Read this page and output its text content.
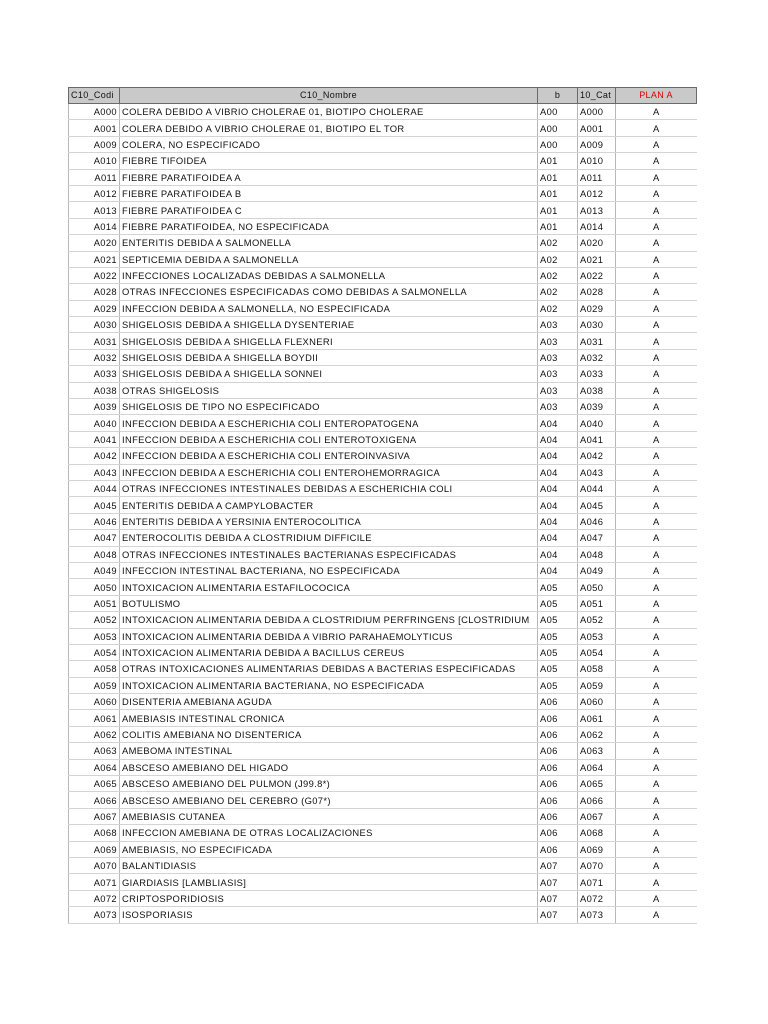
C10_Codi	C10_Nombre	b	10_Cat	PLAN A
A000	COLERA DEBIDO A VIBRIO CHOLERAE 01, BIOTIPO CHOLERAE	A00	A000	A
A001	COLERA DEBIDO A VIBRIO CHOLERAE 01, BIOTIPO EL TOR	A00	A001	A
A009	COLERA, NO ESPECIFICADO	A00	A009	A
A010	FIEBRE TIFOIDEA	A01	A010	A
A011	FIEBRE PARATIFOIDEA A	A01	A011	A
A012	FIEBRE PARATIFOIDEA B	A01	A012	A
A013	FIEBRE PARATIFOIDEA C	A01	A013	A
A014	FIEBRE PARATIFOIDEA, NO ESPECIFICADA	A01	A014	A
A020	ENTERITIS DEBIDA A SALMONELLA	A02	A020	A
A021	SEPTICEMIA DEBIDA A SALMONELLA	A02	A021	A
A022	INFECCIONES LOCALIZADAS DEBIDAS A SALMONELLA	A02	A022	A
A028	OTRAS INFECCIONES ESPECIFICADAS COMO DEBIDAS A SALMONELLA	A02	A028	A
A029	INFECCION DEBIDA A SALMONELLA, NO ESPECIFICADA	A02	A029	A
A030	SHIGELOSIS DEBIDA A SHIGELLA DYSENTERIAE	A03	A030	A
A031	SHIGELOSIS DEBIDA A SHIGELLA FLEXNERI	A03	A031	A
A032	SHIGELOSIS DEBIDA A SHIGELLA BOYDII	A03	A032	A
A033	SHIGELOSIS DEBIDA A SHIGELLA SONNEI	A03	A033	A
A038	OTRAS SHIGELOSIS	A03	A038	A
A039	SHIGELOSIS DE TIPO NO ESPECIFICADO	A03	A039	A
A040	INFECCION DEBIDA A ESCHERICHIA COLI ENTEROPATOGENA	A04	A040	A
A041	INFECCION DEBIDA A ESCHERICHIA COLI ENTEROTOXIGENA	A04	A041	A
A042	INFECCION DEBIDA A ESCHERICHIA COLI ENTEROINVASIVA	A04	A042	A
A043	INFECCION DEBIDA A ESCHERICHIA COLI ENTEROHEMORRAGICA	A04	A043	A
A044	OTRAS INFECCIONES INTESTINALES DEBIDAS A ESCHERICHIA COLI	A04	A044	A
A045	ENTERITIS DEBIDA A CAMPYLOBACTER	A04	A045	A
A046	ENTERITIS DEBIDA A YERSINIA ENTEROCOLITICA	A04	A046	A
A047	ENTEROCOLITIS DEBIDA A CLOSTRIDIUM DIFFICILE	A04	A047	A
A048	OTRAS INFECCIONES INTESTINALES BACTERIANAS ESPECIFICADAS	A04	A048	A
A049	INFECCION INTESTINAL BACTERIANA, NO ESPECIFICADA	A04	A049	A
A050	INTOXICACION ALIMENTARIA ESTAFILOCOCICA	A05	A050	A
A051	BOTULISMO	A05	A051	A
A052	INTOXICACION ALIMENTARIA DEBIDA A CLOSTRIDIUM PERFRINGENS [CLOSTRIDIUM	A05	A052	A
A053	INTOXICACION ALIMENTARIA DEBIDA A VIBRIO PARAHAEMOLYTICUS	A05	A053	A
A054	INTOXICACION ALIMENTARIA DEBIDA A BACILLUS CEREUS	A05	A054	A
A058	OTRAS INTOXICACIONES ALIMENTARIAS DEBIDAS A BACTERIAS ESPECIFICADAS	A05	A058	A
A059	INTOXICACION ALIMENTARIA BACTERIANA, NO ESPECIFICADA	A05	A059	A
A060	DISENTERIA AMEBIANA AGUDA	A06	A060	A
A061	AMEBIASIS INTESTINAL CRONICA	A06	A061	A
A062	COLITIS AMEBIANA NO DISENTERICA	A06	A062	A
A063	AMEBOMA INTESTINAL	A06	A063	A
A064	ABSCESO AMEBIANO DEL HIGADO	A06	A064	A
A065	ABSCESO AMEBIANO DEL PULMON (J99.8*)	A06	A065	A
A066	ABSCESO AMEBIANO DEL CEREBRO (G07*)	A06	A066	A
A067	AMEBIASIS CUTANEA	A06	A067	A
A068	INFECCION AMEBIANA DE OTRAS LOCALIZACIONES	A06	A068	A
A069	AMEBIASIS, NO ESPECIFICADA	A06	A069	A
A070	BALANTIDIASIS	A07	A070	A
A071	GIARDIASIS [LAMBLIASIS]	A07	A071	A
A072	CRIPTOSPORIDIOSIS	A07	A072	A
A073	ISOSPORIASIS	A07	A073	A
